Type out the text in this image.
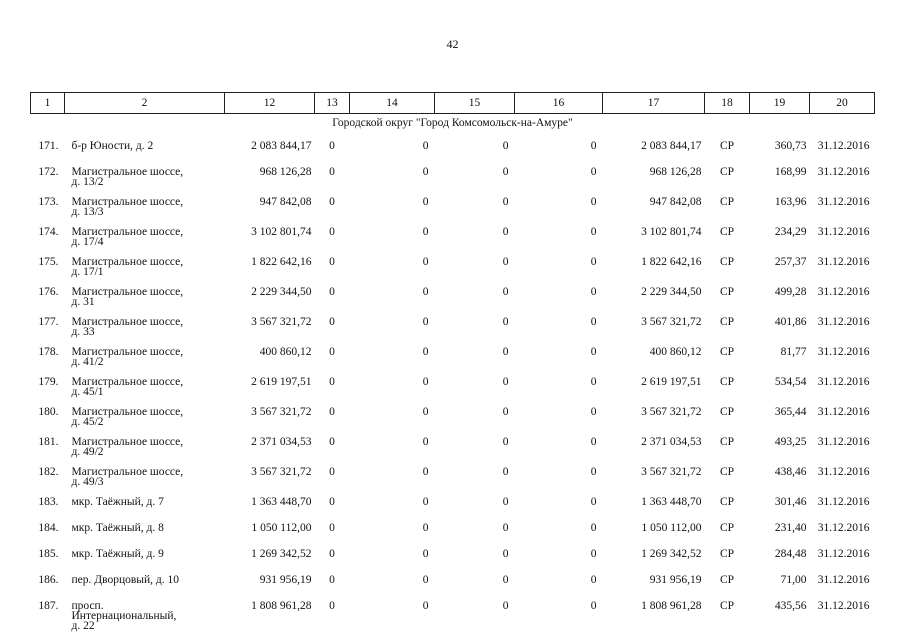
42
1	2	12	13	14	15	16	17	18	19	20
Городской округ "Город Комсомольск-на-Амуре"										
171.	б-р Юности, д. 2	2 083 844,17	0	0	0	0	2 083 844,17	СР	360,73	31.12.2016
172.	Магистральное шоссе,
д. 13/2	968 126,28	0	0	0	0	968 126,28	СР	168,99	31.12.2016
173.	Магистральное шоссе,
д. 13/3	947 842,08	0	0	0	0	947 842,08	СР	163,96	31.12.2016
174.	Магистральное шоссе,
д. 17/4	3 102 801,74	0	0	0	0	3 102 801,74	СР	234,29	31.12.2016
175.	Магистральное шоссе,
д. 17/1	1 822 642,16	0	0	0	0	1 822 642,16	СР	257,37	31.12.2016
176.	Магистральное шоссе,
д. 31	2 229 344,50	0	0	0	0	2 229 344,50	СР	499,28	31.12.2016
177.	Магистральное шоссе,
д. 33	3 567 321,72	0	0	0	0	3 567 321,72	СР	401,86	31.12.2016
178.	Магистральное шоссе,
д. 41/2	400 860,12	0	0	0	0	400 860,12	СР	81,77	31.12.2016
179.	Магистральное шоссе,
д. 45/1	2 619 197,51	0	0	0	0	2 619 197,51	СР	534,54	31.12.2016
180.	Магистральное шоссе,
д. 45/2	3 567 321,72	0	0	0	0	3 567 321,72	СР	365,44	31.12.2016
181.	Магистральное шоссе,
д. 49/2	2 371 034,53	0	0	0	0	2 371 034,53	СР	493,25	31.12.2016
182.	Магистральное шоссе,
д. 49/3	3 567 321,72	0	0	0	0	3 567 321,72	СР	438,46	31.12.2016
183.	мкр. Таёжный, д. 7	1 363 448,70	0	0	0	0	1 363 448,70	СР	301,46	31.12.2016
184.	мкр. Таёжный, д. 8	1 050 112,00	0	0	0	0	1 050 112,00	СР	231,40	31.12.2016
185.	мкр. Таёжный, д. 9	1 269 342,52	0	0	0	0	1 269 342,52	СР	284,48	31.12.2016
186.	пер. Дворцовый, д. 10	931 956,19	0	0	0	0	931 956,19	СР	71,00	31.12.2016
187.	просп.
Интернациональный,
д. 22	1 808 961,28	0	0	0	0	1 808 961,28	СР	435,56	31.12.2016
